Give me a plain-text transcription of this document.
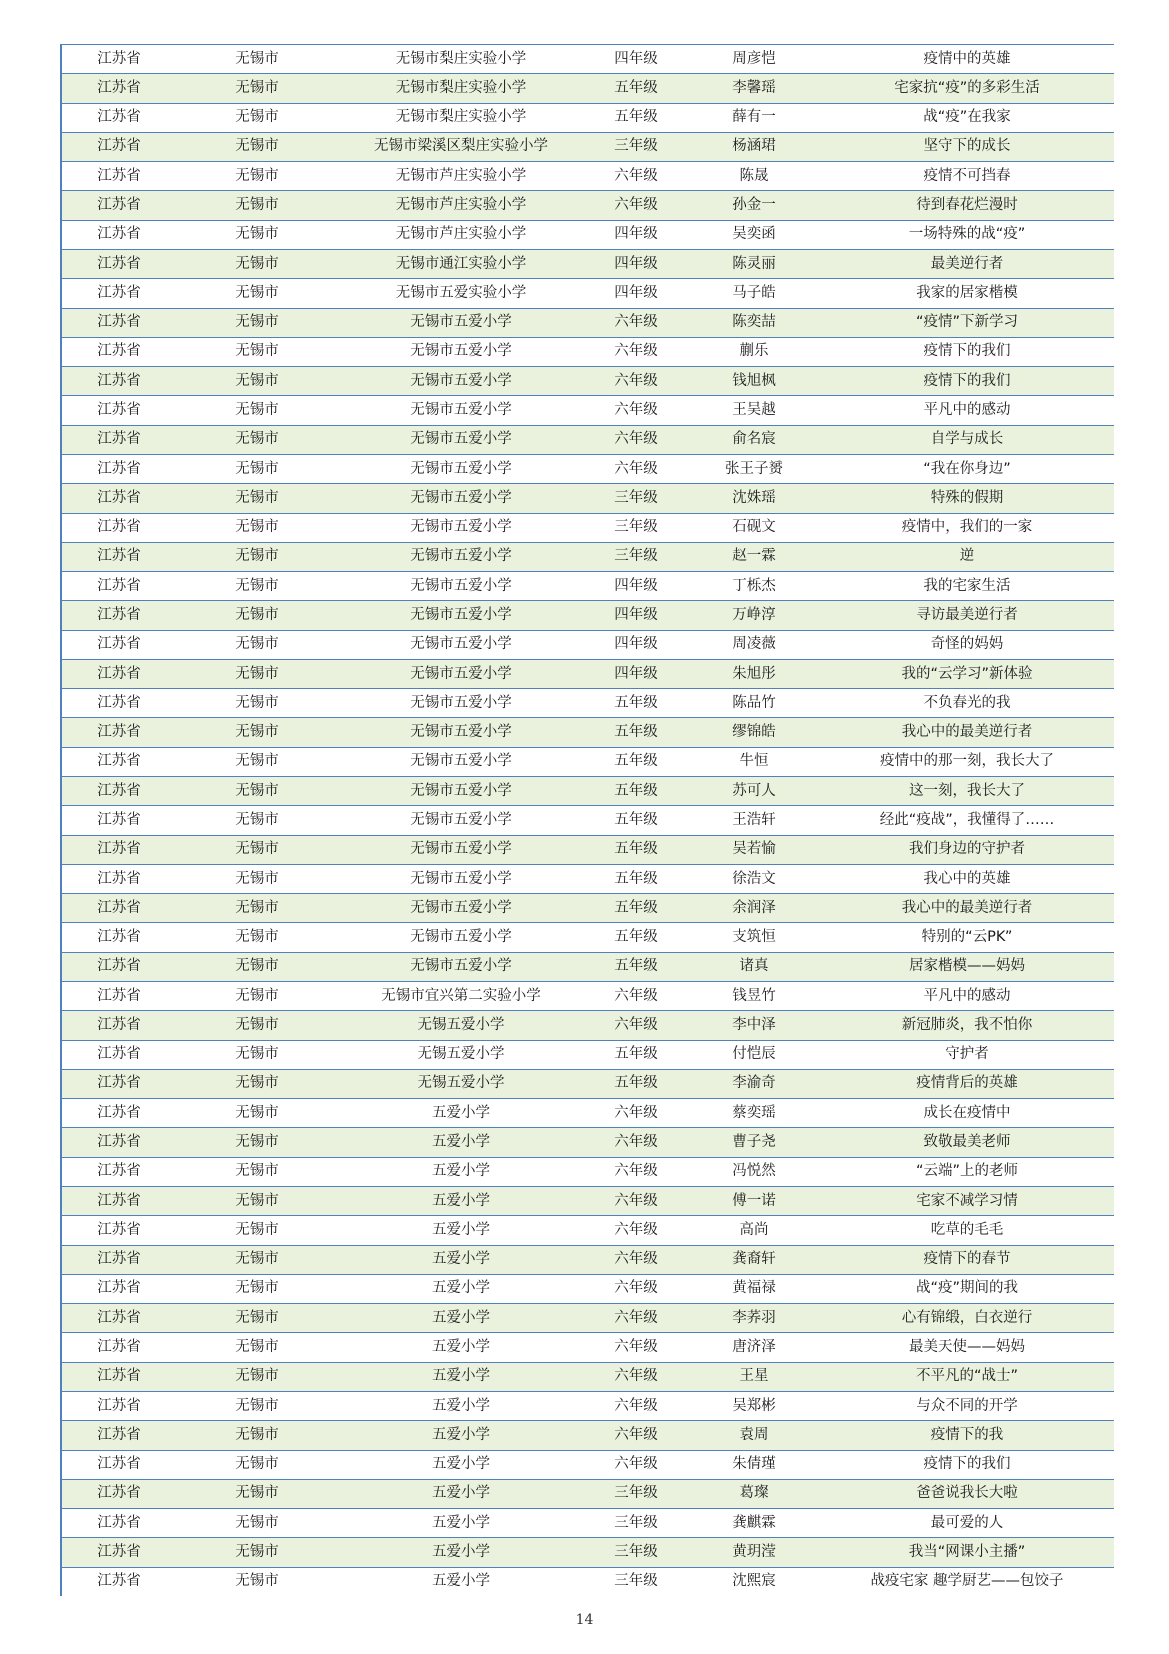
江苏省	无锡市	无锡市梨庄实验小学	四年级	周彦恺	疫情中的英雄
江苏省	无锡市	无锡市梨庄实验小学	五年级	李馨瑶	宅家抗“疫”的多彩生活
江苏省	无锡市	无锡市梨庄实验小学	五年级	薛有一	战“疫”在我家
江苏省	无锡市	无锡市梁溪区梨庄实验小学	三年级	杨涵珺	坚守下的成长
江苏省	无锡市	无锡市芦庄实验小学	六年级	陈晟	疫情不可挡春
江苏省	无锡市	无锡市芦庄实验小学	六年级	孙金一	待到春花烂漫时
江苏省	无锡市	无锡市芦庄实验小学	四年级	吴奕函	一场特殊的战“疫”
江苏省	无锡市	无锡市通江实验小学	四年级	陈灵丽	最美逆行者
江苏省	无锡市	无锡市五爱实验小学	四年级	马子皓	我家的居家楷模
江苏省	无锡市	无锡市五爱小学	六年级	陈奕喆	“疫情”下新学习
江苏省	无锡市	无锡市五爱小学	六年级	蒯乐	疫情下的我们
江苏省	无锡市	无锡市五爱小学	六年级	钱旭枫	疫情下的我们
江苏省	无锡市	无锡市五爱小学	六年级	王吴越	平凡中的感动
江苏省	无锡市	无锡市五爱小学	六年级	俞名宸	自学与成长
江苏省	无锡市	无锡市五爱小学	六年级	张王子赟	“我在你身边”
江苏省	无锡市	无锡市五爱小学	三年级	沈姝瑶	特殊的假期
江苏省	无锡市	无锡市五爱小学	三年级	石砚文	疫情中，我们的一家
江苏省	无锡市	无锡市五爱小学	三年级	赵一霖	逆
江苏省	无锡市	无锡市五爱小学	四年级	丁栎杰	我的宅家生活
江苏省	无锡市	无锡市五爱小学	四年级	万峥淳	寻访最美逆行者
江苏省	无锡市	无锡市五爱小学	四年级	周凌薇	奇怪的妈妈
江苏省	无锡市	无锡市五爱小学	四年级	朱旭彤	我的“云学习”新体验
江苏省	无锡市	无锡市五爱小学	五年级	陈品竹	不负春光的我
江苏省	无锡市	无锡市五爱小学	五年级	缪锦皓	我心中的最美逆行者
江苏省	无锡市	无锡市五爱小学	五年级	牛恒	疫情中的那一刻，我长大了
江苏省	无锡市	无锡市五爱小学	五年级	苏可人	这一刻，我长大了
江苏省	无锡市	无锡市五爱小学	五年级	王浩轩	经此“疫战”，我懂得了……
江苏省	无锡市	无锡市五爱小学	五年级	吴若愉	我们身边的守护者
江苏省	无锡市	无锡市五爱小学	五年级	徐浩文	我心中的英雄
江苏省	无锡市	无锡市五爱小学	五年级	余润泽	我心中的最美逆行者
江苏省	无锡市	无锡市五爱小学	五年级	支筑恒	特别的“云PK”
江苏省	无锡市	无锡市五爱小学	五年级	诸真	居家楷模——妈妈
江苏省	无锡市	无锡市宜兴第二实验小学	六年级	钱昱竹	平凡中的感动
江苏省	无锡市	无锡五爱小学	六年级	李中泽	新冠肺炎，我不怕你
江苏省	无锡市	无锡五爱小学	五年级	付恺辰	守护者
江苏省	无锡市	无锡五爱小学	五年级	李渝奇	疫情背后的英雄
江苏省	无锡市	五爱小学	六年级	蔡奕瑶	成长在疫情中
江苏省	无锡市	五爱小学	六年级	曹子尧	致敬最美老师
江苏省	无锡市	五爱小学	六年级	冯悦然	“云端”上的老师
江苏省	无锡市	五爱小学	六年级	傅一诺	宅家不减学习情
江苏省	无锡市	五爱小学	六年级	高尚	吃草的毛毛
江苏省	无锡市	五爱小学	六年级	龚裔轩	疫情下的春节
江苏省	无锡市	五爱小学	六年级	黄福禄	战“疫”期间的我
江苏省	无锡市	五爱小学	六年级	李荞羽	心有锦缎，白衣逆行
江苏省	无锡市	五爱小学	六年级	唐济泽	最美天使——妈妈
江苏省	无锡市	五爱小学	六年级	王星	不平凡的“战士”
江苏省	无锡市	五爱小学	六年级	吴郑彬	与众不同的开学
江苏省	无锡市	五爱小学	六年级	袁周	疫情下的我
江苏省	无锡市	五爱小学	六年级	朱倩瑾	疫情下的我们
江苏省	无锡市	五爱小学	三年级	葛璨	爸爸说我长大啦
江苏省	无锡市	五爱小学	三年级	龚麒霖	最可爱的人
江苏省	无锡市	五爱小学	三年级	黄玥滢	我当“网课小主播”
江苏省	无锡市	五爱小学	三年级	沈熙宸	战疫宅家 趣学厨艺——包饺子
14
